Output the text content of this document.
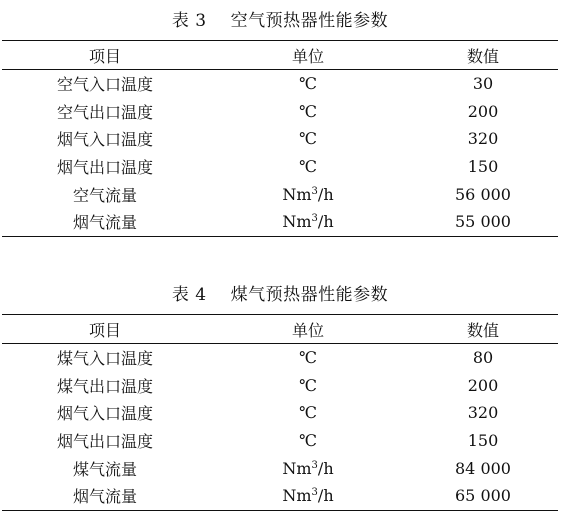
表 3 空气预热器性能参数
项目	单位	数值
空气入口温度	℃	30
空气出口温度	℃	200
烟气入口温度	℃	320
烟气出口温度	℃	150
空气流量	Nm$^3$/h	56 000
烟气流量	Nm$^3$/h	55 000
表 4 煤气预热器性能参数
项目	单位	数值
煤气入口温度	℃	80
煤气出口温度	℃	200
烟气入口温度	℃	320
烟气出口温度	℃	150
煤气流量	Nm$^3$/h	84 000
烟气流量	Nm$^3$/h	65 000
